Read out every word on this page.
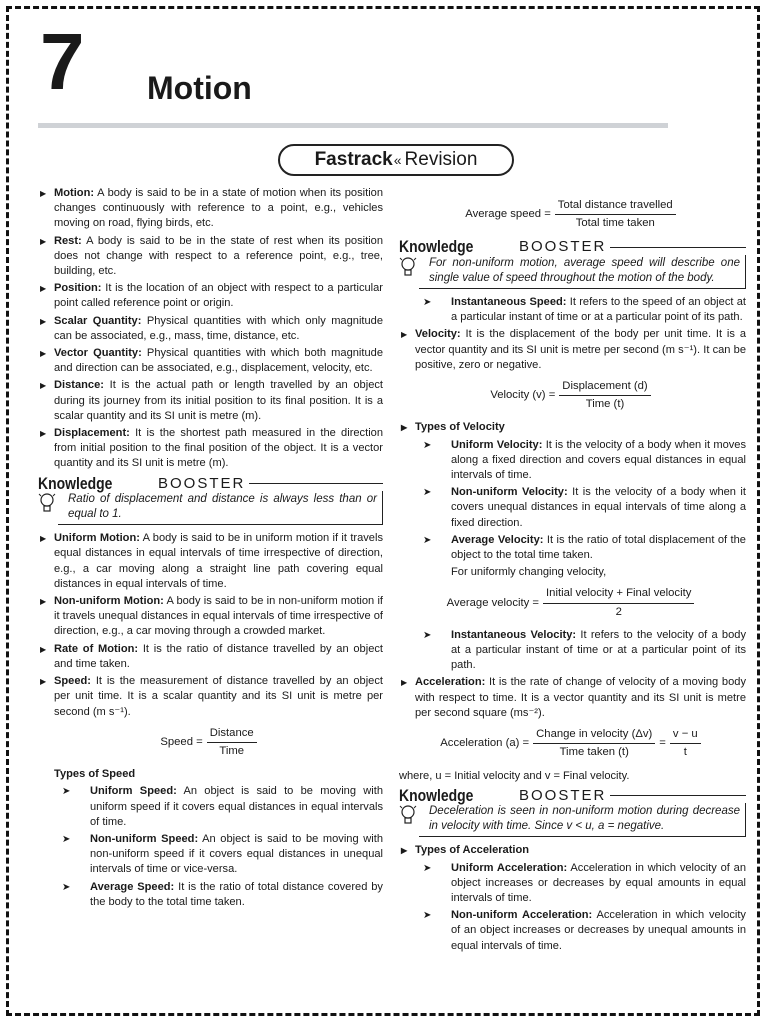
7 Motion
Fastrack « Revision
▶ Motion: A body is said to be in a state of motion when its position changes continuously with reference to a point, e.g., vehicles moving on road, flying birds, etc.
▶ Rest: A body is said to be in the state of rest when its position does not change with respect to a reference point, e.g., tree, building, etc.
▶ Position: It is the location of an object with respect to a particular point called reference point or origin.
▶ Scalar Quantity: Physical quantities with which only magnitude can be associated, e.g., mass, time, distance, etc.
▶ Vector Quantity: Physical quantities with which both magnitude and direction can be associated, e.g., displacement, velocity, etc.
▶ Distance: It is the actual path or length travelled by an object during its journey from its initial position to its final position. It is a scalar quantity and its SI unit is metre (m).
▶ Displacement: It is the shortest path measured in the direction from initial position to the final position of the object. It is a vector quantity and its SI unit is metre (m).
Knowledge	BOOSTER
Ratio of displacement and distance is always less than or equal to 1.
▶ Uniform Motion: A body is said to be in uniform motion if it travels equal distances in equal intervals of time irrespective of direction, e.g., a car moving along a straight line path covering equal distances in equal intervals of time.
▶ Non-uniform Motion: A body is said to be in non-uniform motion if it travels unequal distances in equal intervals of time irrespective of direction, e.g., a car moving through a crowded market.
▶ Rate of Motion: It is the ratio of distance travelled by an object and time taken.
▶ Speed: It is the measurement of distance travelled by an object per unit time. It is a scalar quantity and its SI unit is metre per second (m s⁻¹).
Speed = $\frac{\text{Distance}}{\text{Time}}$
Types of Speed
➤ Uniform Speed: An object is said to be moving with uniform speed if it covers equal distances in equal intervals of time.
➤ Non-uniform Speed: An object is said to be moving with non-uniform speed if it covers equal distances in unequal intervals of time or vice-versa.
➤ Average Speed: It is the ratio of total distance covered by the body to the total time taken.
Average speed = $\frac{\text{Total distance travelled}}{\text{Total time taken}}$
Knowledge	BOOSTER
For non-uniform motion, average speed will describe one single value of speed throughout the motion of the body.
➤ Instantaneous Speed: It refers to the speed of an object at a particular instant of time or at a particular point of its path.
▶ Velocity: It is the displacement of the body per unit time. It is a vector quantity and its SI unit is metre per second (m s⁻¹). It can be positive, zero or negative.
Velocity $(v) = \frac{\text{Displacement (d)}}{\text{Time (t)}}$
▶ Types of Velocity
➤ Uniform Velocity: It is the velocity of a body when it moves along a fixed direction and covers equal distances in equal intervals of time.
➤ Non-uniform Velocity: It is the velocity of a body when it covers unequal distances in equal intervals of time along a fixed direction.
➤ Average Velocity: It is the ratio of total displacement of the object to the total time taken.
For uniformly changing velocity,
Average velocity = $\frac{\text{Initial velocity + Final velocity}}{2}$
➤ Instantaneous Velocity: It refers to the velocity of a body at a particular instant of time or at a particular point of its path.
▶ Acceleration: It is the rate of change of velocity of a moving body with respect to time. It is a vector quantity and its SI unit is metre per second square (ms⁻²).
Acceleration $(a) = \frac{\text{Change in velocity (Δv)}}{\text{Time taken (t)}} = \frac{v - u}{t}$
where, u = Initial velocity and v = Final velocity.
Knowledge	BOOSTER
Deceleration is seen in non-uniform motion during decrease in velocity with time. Since v < u, a = negative.
▶ Types of Acceleration
➤ Uniform Acceleration: Acceleration in which velocity of an object increases or decreases by equal amounts in equal intervals of time.
➤ Non-uniform Acceleration: Acceleration in which velocity of an object increases or decreases by unequal amounts in equal intervals of time.
